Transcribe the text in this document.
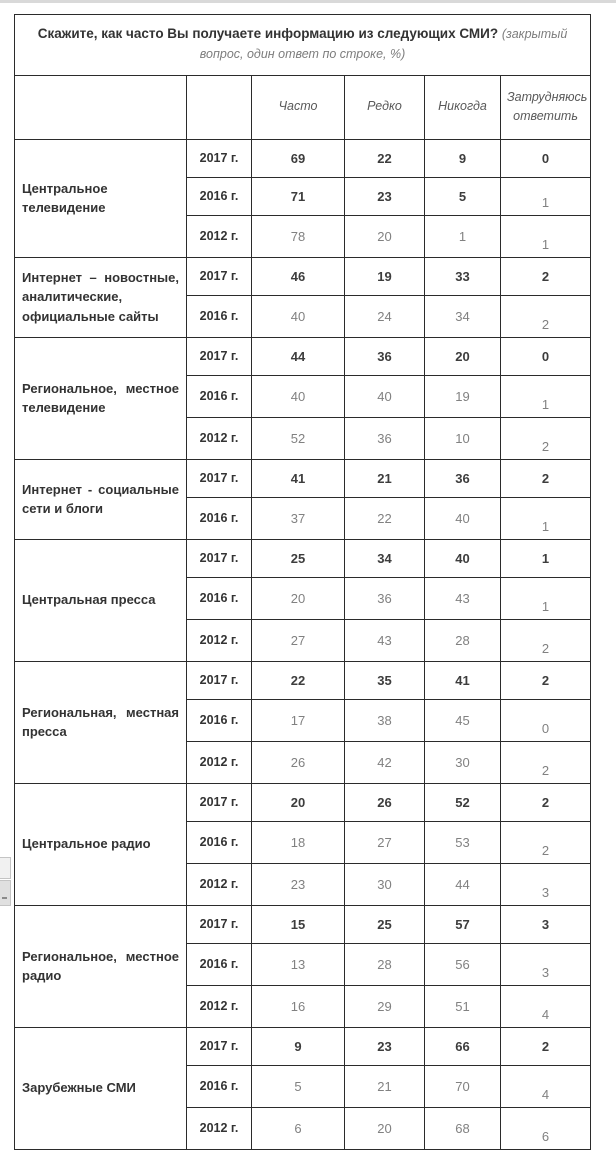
Скажите, как часто Вы получаете информацию из следующих СМИ? (закрытый вопрос, один ответ по строке, %)					
		Часто	Редко	Никогда	Затрудняюсь ответить
Центральное телевидение	2017 г.	69	22	9	0
	2016 г.	71	23	5	1
	2012 г.	78	20	1	1
Интернет – новостные, аналитические, официальные сайты	2017 г.	46	19	33	2
	2016 г.	40	24	34	2
Региональное, местное телевидение	2017 г.	44	36	20	0
	2016 г.	40	40	19	1
	2012 г.	52	36	10	2
Интернет - социальные сети и блоги	2017 г.	41	21	36	2
	2016 г.	37	22	40	1
Центральная пресса	2017 г.	25	34	40	1
	2016 г.	20	36	43	1
	2012 г.	27	43	28	2
Региональная, местная пресса	2017 г.	22	35	41	2
	2016 г.	17	38	45	0
	2012 г.	26	42	30	2
Центральное радио	2017 г.	20	26	52	2
	2016 г.	18	27	53	2
	2012 г.	23	30	44	3
Региональное, местное радио	2017 г.	15	25	57	3
	2016 г.	13	28	56	3
	2012 г.	16	29	51	4
Зарубежные СМИ	2017 г.	9	23	66	2
	2016 г.	5	21	70	4
	2012 г.	6	20	68	6
